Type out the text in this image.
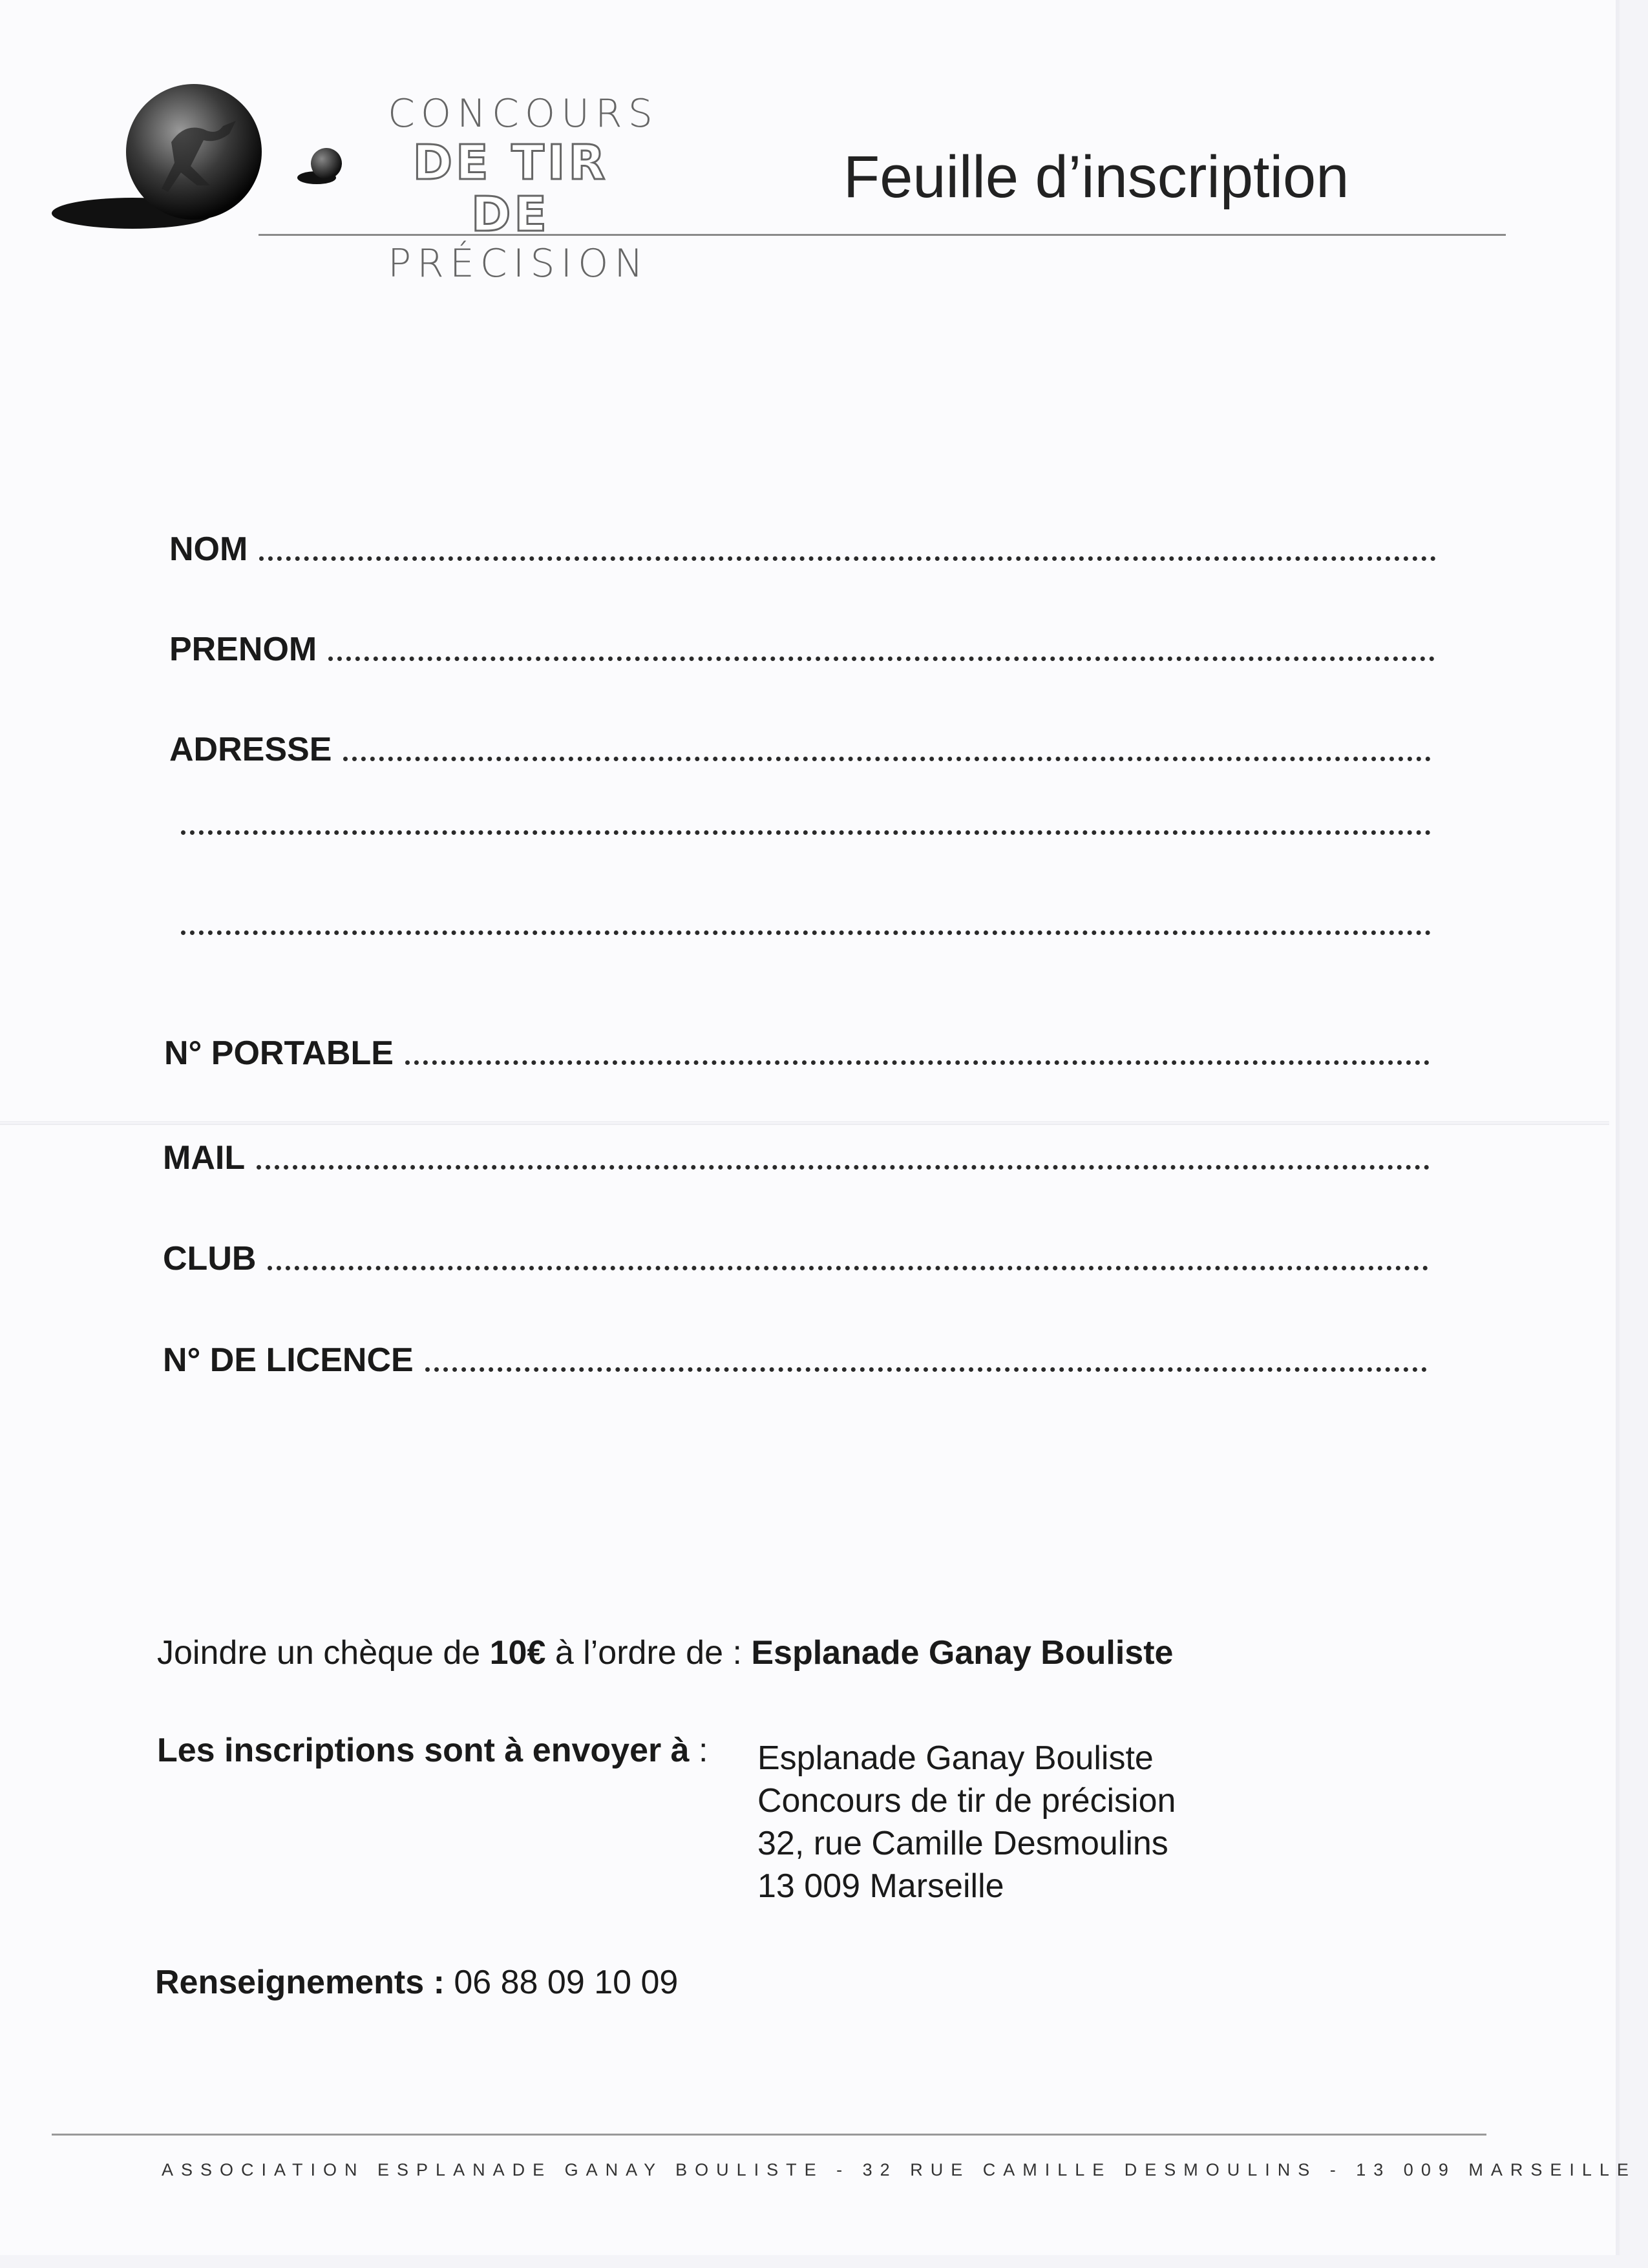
CONCOURS
DE TIR DE
PRÉCISION
Feuille d’inscription
NOM
PRENOM
ADRESSE
N° PORTABLE
MAIL
CLUB
N° DE LICENCE
Joindre un chèque de 10€ à l’ordre de : Esplanade Ganay Bouliste
Les inscriptions sont à envoyer à : Esplanade Ganay Bouliste
Concours de tir de précision
32, rue Camille Desmoulins
13 009 Marseille
Renseignements : 06 88 09 10 09
ASSOCIATION ESPLANADE GANAY BOULISTE - 32 RUE CAMILLE DESMOULINS - 13 009 MARSEILLE
